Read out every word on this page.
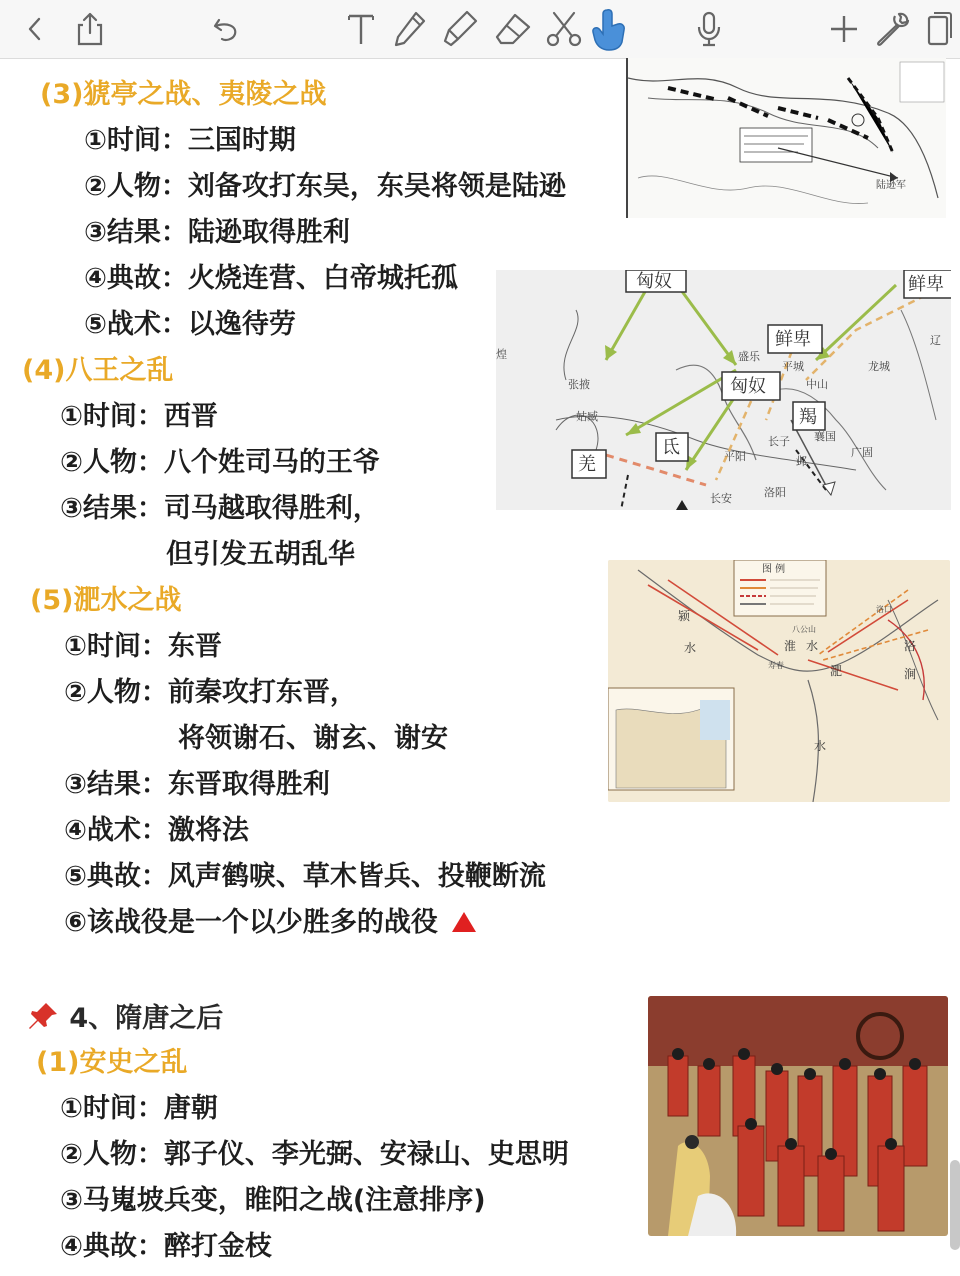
陆逊军
匈奴	鲜卑
鲜卑
匈奴
羯
氐
羌
盛乐
平城
中山
龙城
辽
张掖
姑臧
长子 襄国
邺
广固
平阳
长安	洛阳
煌
图 例
颍
水	淮 水
淝
洛
涧
水
八公山
寿春
洛口
(3)猇亭之战、夷陵之战
①时间：三国时期
②人物：刘备攻打东吴，东吴将领是陆逊
③结果：陆逊取得胜利
④典故：火烧连营、白帝城托孤
⑤战术：以逸待劳
(4)八王之乱
①时间：西晋
②人物：八个姓司马的王爷
③结果：司马越取得胜利，
但引发五胡乱华
(5)淝水之战
①时间：东晋
②人物：前秦攻打东晋，
将领谢石、谢玄、谢安
③结果：东晋取得胜利
④战术：激将法
⑤典故：风声鹤唳、草木皆兵、投鞭断流
⑥该战役是一个以少胜多的战役
4、隋唐之后
(1)安史之乱
①时间：唐朝
②人物：郭子仪、李光弼、安禄山、史思明
③马嵬坡兵变，睢阳之战(注意排序)
④典故：醉打金枝
